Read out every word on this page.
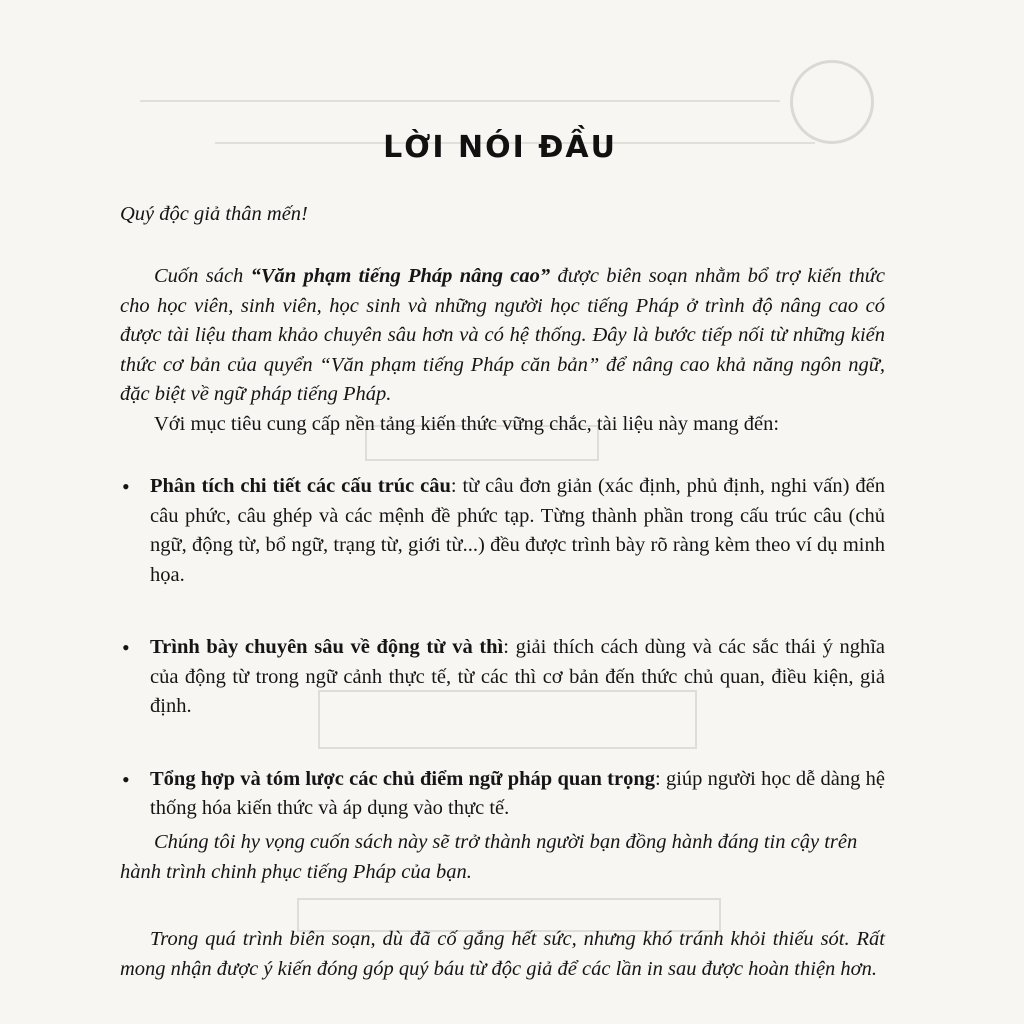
LỜI NÓI ĐẦU

Quý độc giả thân mến!

Cuốn sách “Văn phạm tiếng Pháp nâng cao” được biên soạn nhằm bổ trợ kiến thức cho học viên, sinh viên, học sinh và những người học tiếng Pháp ở trình độ nâng cao có được tài liệu tham khảo chuyên sâu hơn và có hệ thống. Đây là bước tiếp nối từ những kiến thức cơ bản của quyển “Văn phạm tiếng Pháp căn bản” để nâng cao khả năng ngôn ngữ, đặc biệt về ngữ pháp tiếng Pháp.

Với mục tiêu cung cấp nền tảng kiến thức vững chắc, tài liệu này mang đến:

• Phân tích chi tiết các cấu trúc câu: từ câu đơn giản (xác định, phủ định, nghi vấn) đến câu phức, câu ghép và các mệnh đề phức tạp. Từng thành phần trong cấu trúc câu (chủ ngữ, động từ, bổ ngữ, trạng từ, giới từ...) đều được trình bày rõ ràng kèm theo ví dụ minh họa.
• Trình bày chuyên sâu về động từ và thì: giải thích cách dùng và các sắc thái ý nghĩa của động từ trong ngữ cảnh thực tế, từ các thì cơ bản đến thức chủ quan, điều kiện, giả định.
• Tổng hợp và tóm lược các chủ điểm ngữ pháp quan trọng: giúp người học dễ dàng hệ thống hóa kiến thức và áp dụng vào thực tế.

Chúng tôi hy vọng cuốn sách này sẽ trở thành người bạn đồng hành đáng tin cậy trên hành trình chinh phục tiếng Pháp của bạn.

Trong quá trình biên soạn, dù đã cố gắng hết sức, nhưng khó tránh khỏi thiếu sót. Rất mong nhận được ý kiến đóng góp quý báu từ độc giả để các lần in sau được hoàn thiện hơn.
